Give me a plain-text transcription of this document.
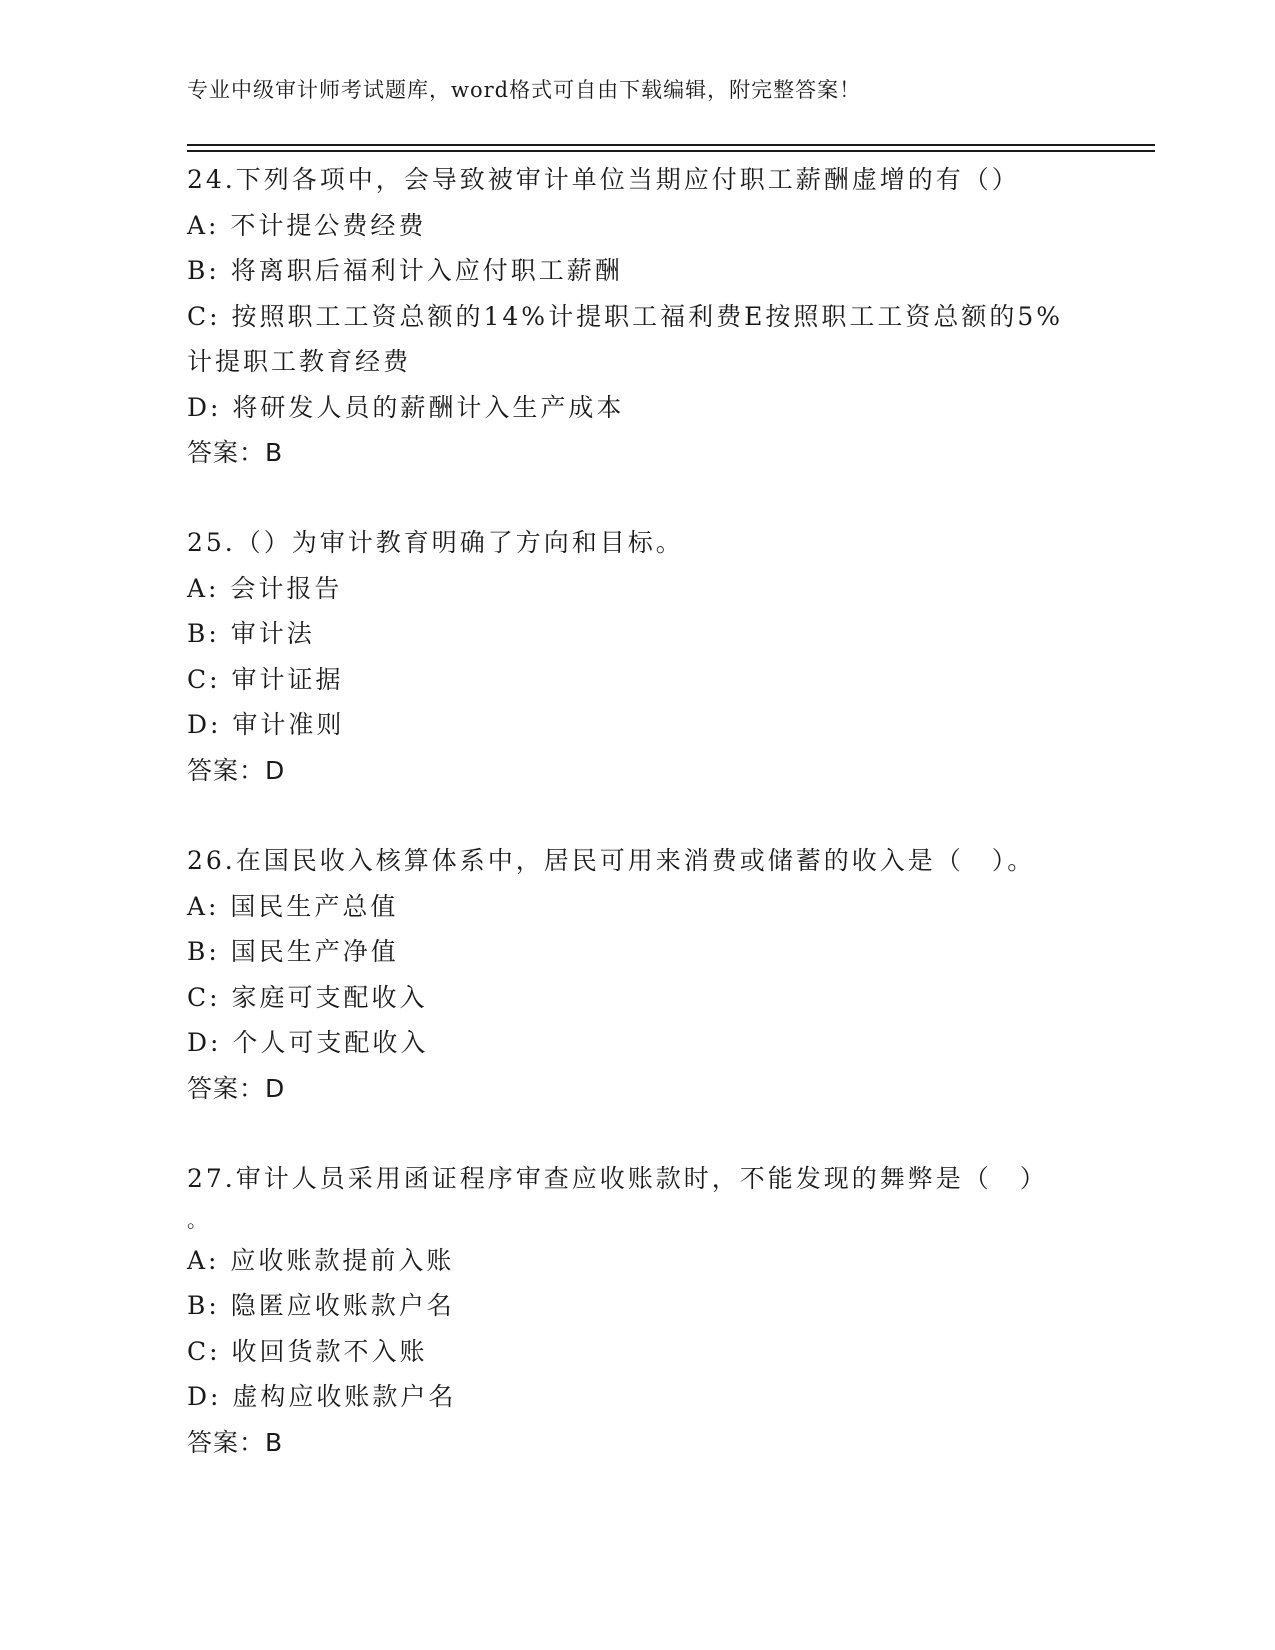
专业中级审计师考试题库，word格式可自由下载编辑，附完整答案！
24.下列各项中，会导致被审计单位当期应付职工薪酬虚增的有（）
A: 不计提公费经费
B: 将离职后福利计入应付职工薪酬
C: 按照职工工资总额的14%计提职工福利费E按照职工工资总额的5%
计提职工教育经费
D: 将研发人员的薪酬计入生产成本
答案：B
25.（）为审计教育明确了方向和目标。
A: 会计报告
B: 审计法
C: 审计证据
D: 审计准则
答案：D
26.在国民收入核算体系中，居民可用来消费或储蓄的收入是（　）。
A: 国民生产总值
B: 国民生产净值
C: 家庭可支配收入
D: 个人可支配收入
答案：D
27.审计人员采用函证程序审查应收账款时，不能发现的舞弊是（　）
。
A: 应收账款提前入账
B: 隐匿应收账款户名
C: 收回货款不入账
D: 虚构应收账款户名
答案：B
